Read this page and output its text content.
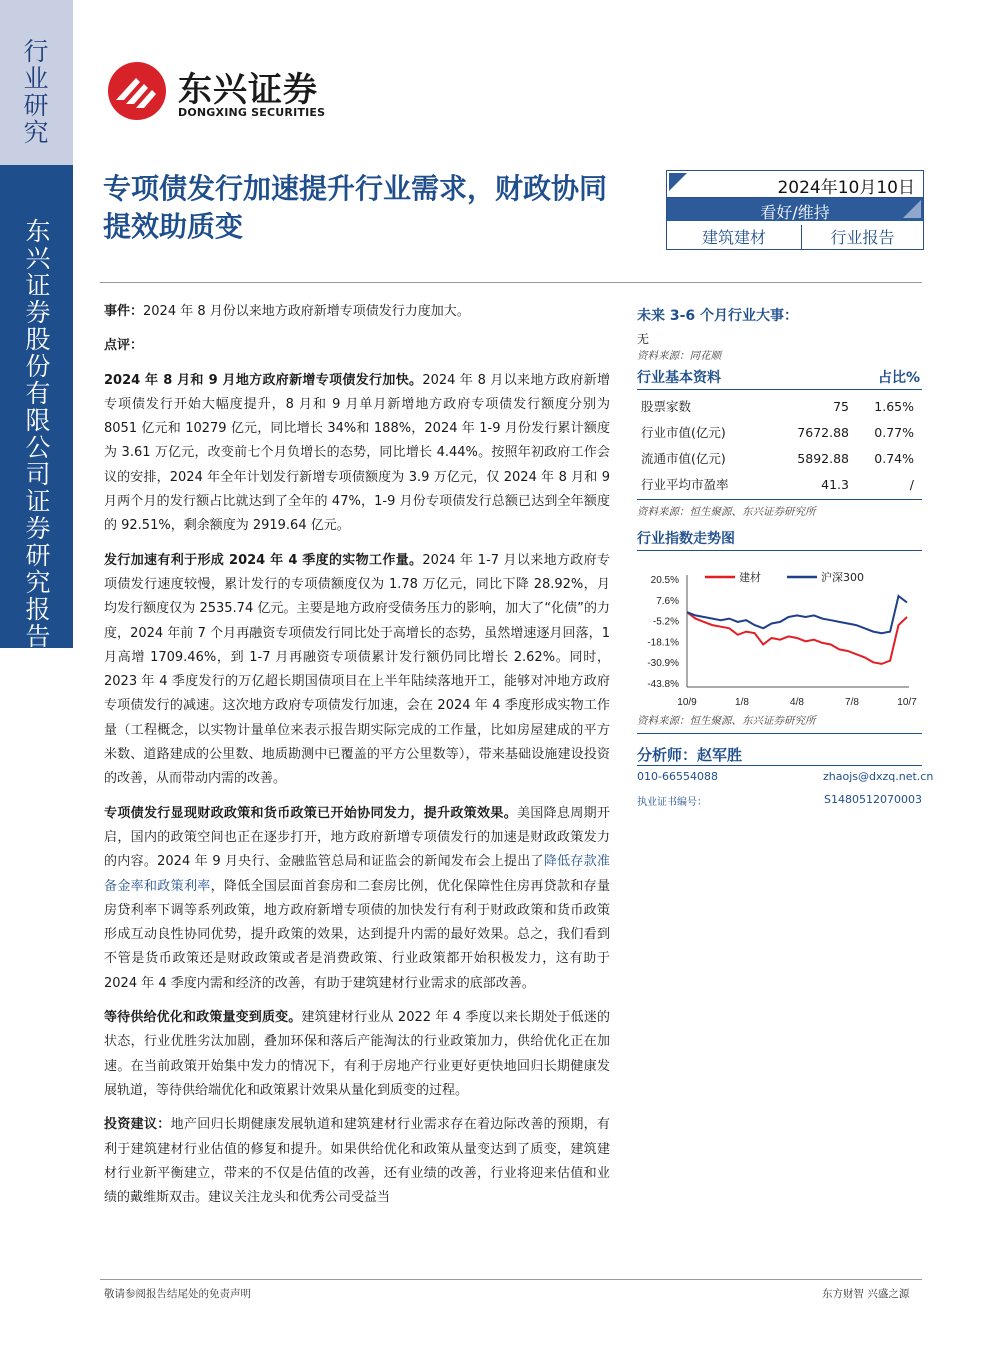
行业研究
东兴证券股份有限公司证券研究报告
东兴证券
DONGXING SECURITIES
专项债发行加速提升行业需求，财政协同提效助质变
2024年10月10日
看好/维持
建筑建材	行业报告

事件：2024 年 8 月份以来地方政府新增专项债发行力度加大。

点评：

2024 年 8 月和 9 月地方政府新增专项债发行加快。2024 年 8 月以来地方政府新增专项债发行开始大幅度提升，8 月和 9 月单月新增地方政府专项债发行额度分别为 8051 亿元和 10279 亿元，同比增长 34%和 188%，2024 年 1-9 月份发行累计额度为 3.61 万亿元，改变前七个月负增长的态势，同比增长 4.44%。按照年初政府工作会议的安排，2024 年全年计划发行新增专项债额度为 3.9 万亿元，仅 2024 年 8 月和 9 月两个月的发行额占比就达到了全年的 47%，1-9 月份专项债发行总额已达到全年额度的 92.51%，剩余额度为 2919.64 亿元。

发行加速有利于形成 2024 年 4 季度的实物工作量。2024 年 1-7 月以来地方政府专项债发行速度较慢，累计发行的专项债额度仅为 1.78 万亿元，同比下降 28.92%，月均发行额度仅为 2535.74 亿元。主要是地方政府受债务压力的影响，加大了“化债”的力度，2024 年前 7 个月再融资专项债发行同比处于高增长的态势，虽然增速逐月回落，1 月高增 1709.46%，到 1-7 月再融资专项债累计发行额仍同比增长 2.62%。同时，2023 年 4 季度发行的万亿超长期国债项目在上半年陆续落地开工，能够对冲地方政府专项债发行的减速。这次地方政府专项债发行加速，会在 2024 年 4 季度形成实物工作量（工程概念，以实物计量单位来表示报告期实际完成的工作量，比如房屋建成的平方米数、道路建成的公里数、地质勘测中已覆盖的平方公里数等），带来基础设施建设投资的改善，从而带动内需的改善。

专项债发行显现财政政策和货币政策已开始协同发力，提升政策效果。美国降息周期开启，国内的政策空间也正在逐步打开，地方政府新增专项债发行的加速是财政政策发力的内容。2024 年 9 月央行、金融监管总局和证监会的新闻发布会上提出了降低存款准备金率和政策利率，降低全国层面首套房和二套房比例，优化保障性住房再贷款和存量房贷利率下调等系列政策，地方政府新增专项债的加快发行有利于财政政策和货币政策形成互动良性协同优势，提升政策的效果，达到提升内需的最好效果。总之，我们看到不管是货币政策还是财政政策或者是消费政策、行业政策都开始积极发力，这有助于 2024 年 4 季度内需和经济的改善，有助于建筑建材行业需求的底部改善。

等待供给优化和政策量变到质变。建筑建材行业从 2022 年 4 季度以来长期处于低迷的状态，行业优胜劣汰加剧，叠加环保和落后产能淘汰的行业政策加力，供给优化正在加速。在当前政策开始集中发力的情况下，有利于房地产行业更好更快地回归长期健康发展轨道，等待供给端优化和政策累计效果从量化到质变的过程。

投资建议：地产回归长期健康发展轨道和建筑建材行业需求存在着边际改善的预期，有利于建筑建材行业估值的修复和提升。如果供给优化和政策从量变达到了质变，建筑建材行业新平衡建立，带来的不仅是估值的改善，还有业绩的改善，行业将迎来估值和业绩的戴维斯双击。建议关注龙头和优秀公司受益当

未来 3-6 个月行业大事：
无
资料来源：同花顺
行业基本资料	占比%
股票家数	75	1.65%
行业市值(亿元)	7672.88	0.77%
流通市值(亿元)	5892.88	0.74%
行业平均市盈率	41.3	/
资料来源：恒生聚源、东兴证券研究所
行业指数走势图
20.5%
7.6%
-5.2%
-18.1%
-30.9%
-43.8%
10/9	1/8	4/8	7/8	10/7
建材	沪深300
资料来源：恒生聚源、东兴证券研究所
分析师：赵军胜
010-66554088	zhaojs@dxzq.net.cn
执业证书编号：	S1480512070003
敬请参阅报告结尾处的免责声明	东方财智 兴盛之源
